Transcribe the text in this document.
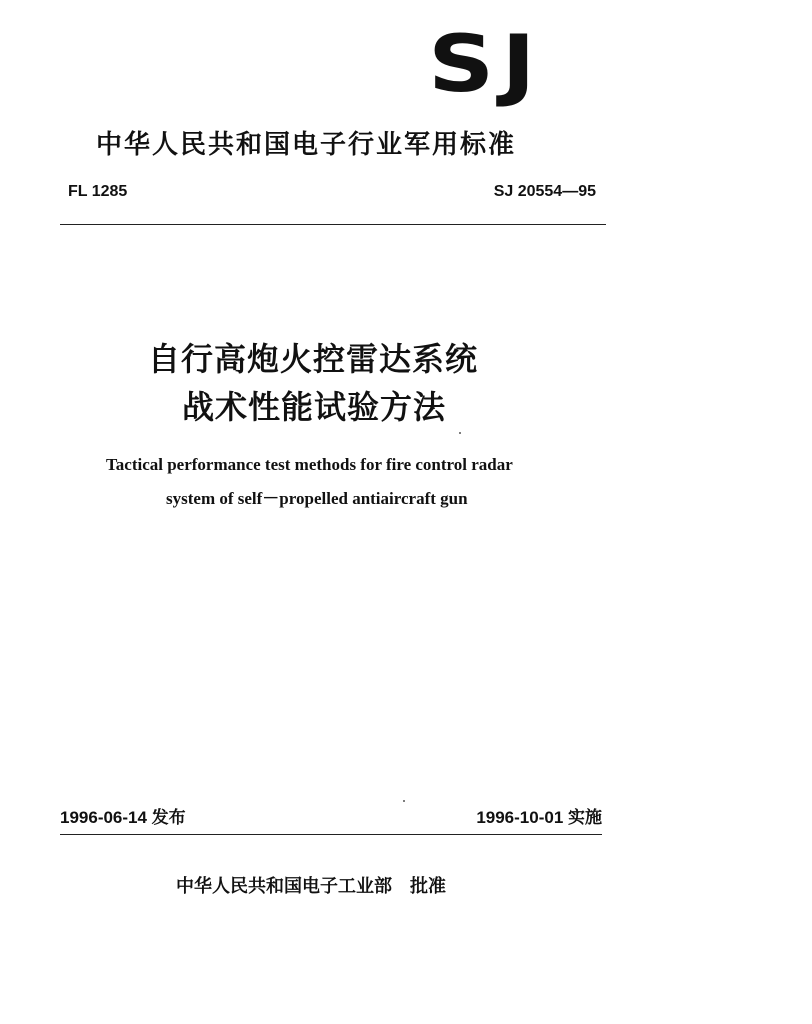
SJ
中华人民共和国电子行业军用标准
FL 1285	SJ 20554—95
自行高炮火控雷达系统
战术性能试验方法
Tactical performance test methods for fire control radar
system of self－propelled antiaircraft gun
1996-06-14 发布	1996-10-01 实施
中华人民共和国电子工业部 批准
